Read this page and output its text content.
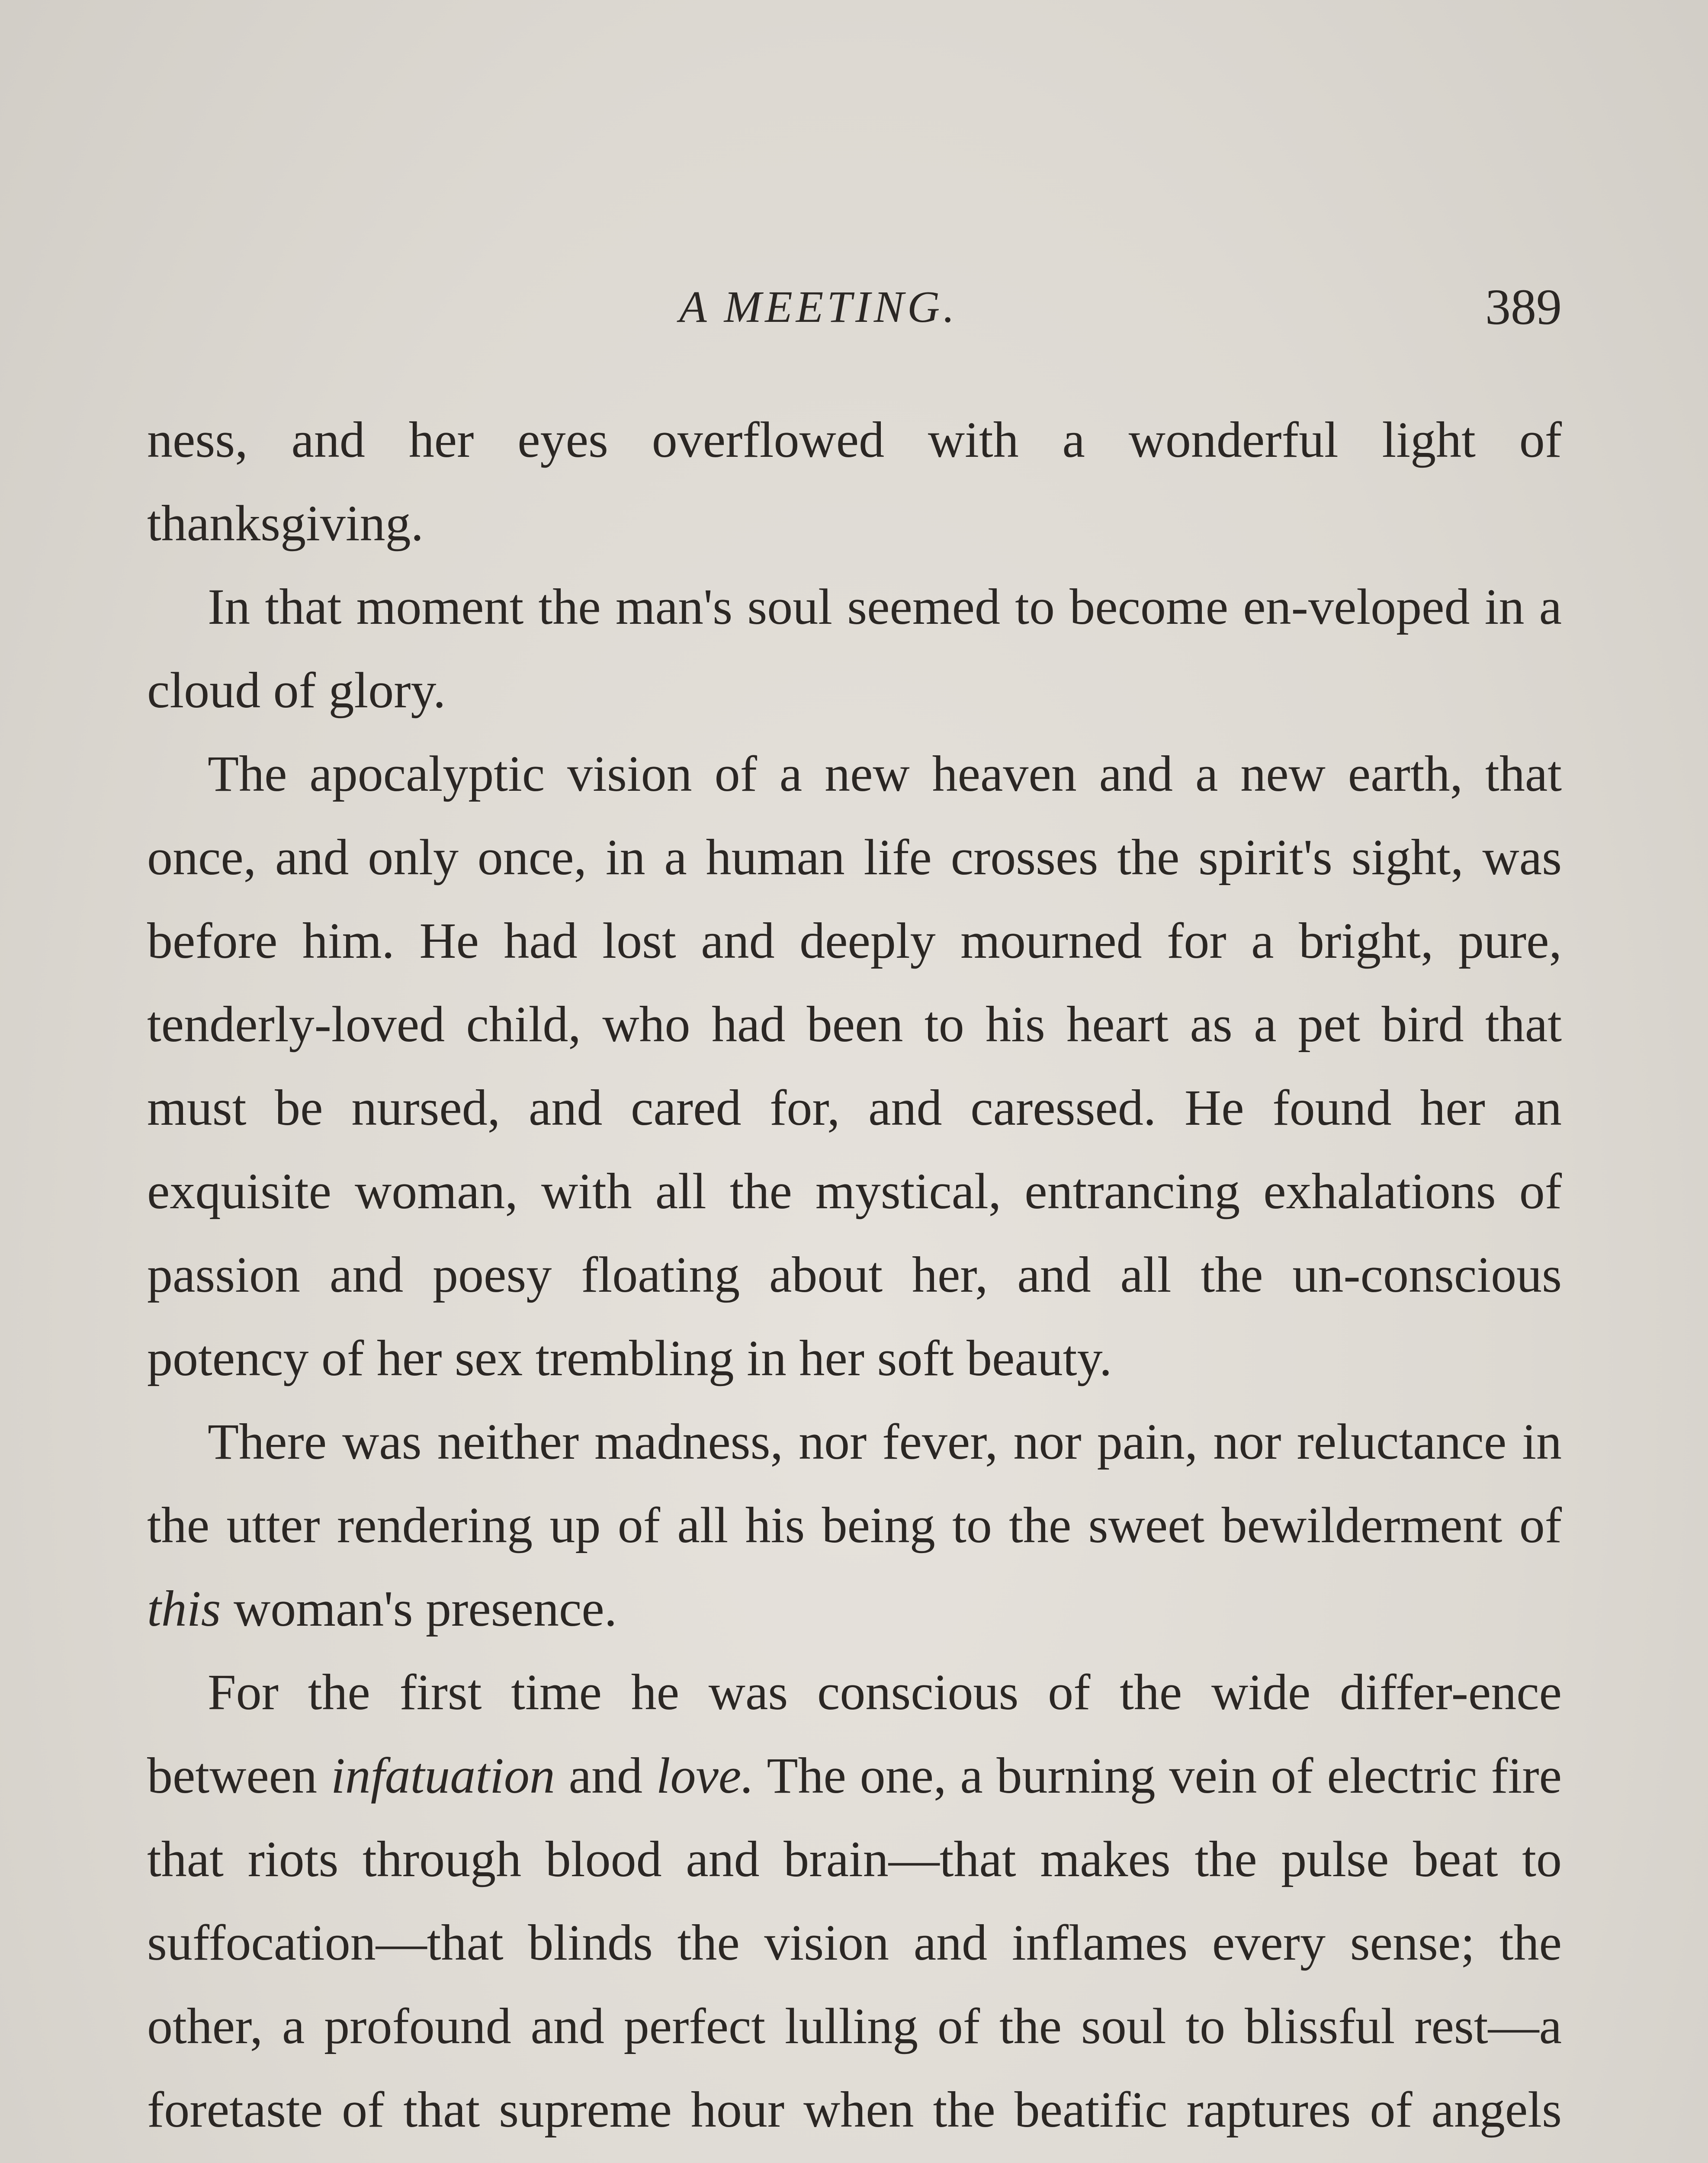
A MEETING.	389

ness, and her eyes overflowed with a wonderful light of thanksgiving.

In that moment the man's soul seemed to become en-veloped in a cloud of glory.

The apocalyptic vision of a new heaven and a new earth, that once, and only once, in a human life crosses the spirit's sight, was before him. He had lost and deeply mourned for a bright, pure, tenderly-loved child, who had been to his heart as a pet bird that must be nursed, and cared for, and caressed. He found her an exquisite woman, with all the mystical, entrancing exhalations of passion and poesy floating about her, and all the un-conscious potency of her sex trembling in her soft beauty.

There was neither madness, nor fever, nor pain, nor reluctance in the utter rendering up of all his being to the sweet bewilderment of this woman's presence.

For the first time he was conscious of the wide differ-ence between infatuation and love. The one, a burning vein of electric fire that riots through blood and brain—that makes the pulse beat to suffocation—that blinds the vision and inflames every sense; the other, a profound and perfect lulling of the soul to blissful rest—a foretaste of that supreme hour when the beatific raptures of angels
